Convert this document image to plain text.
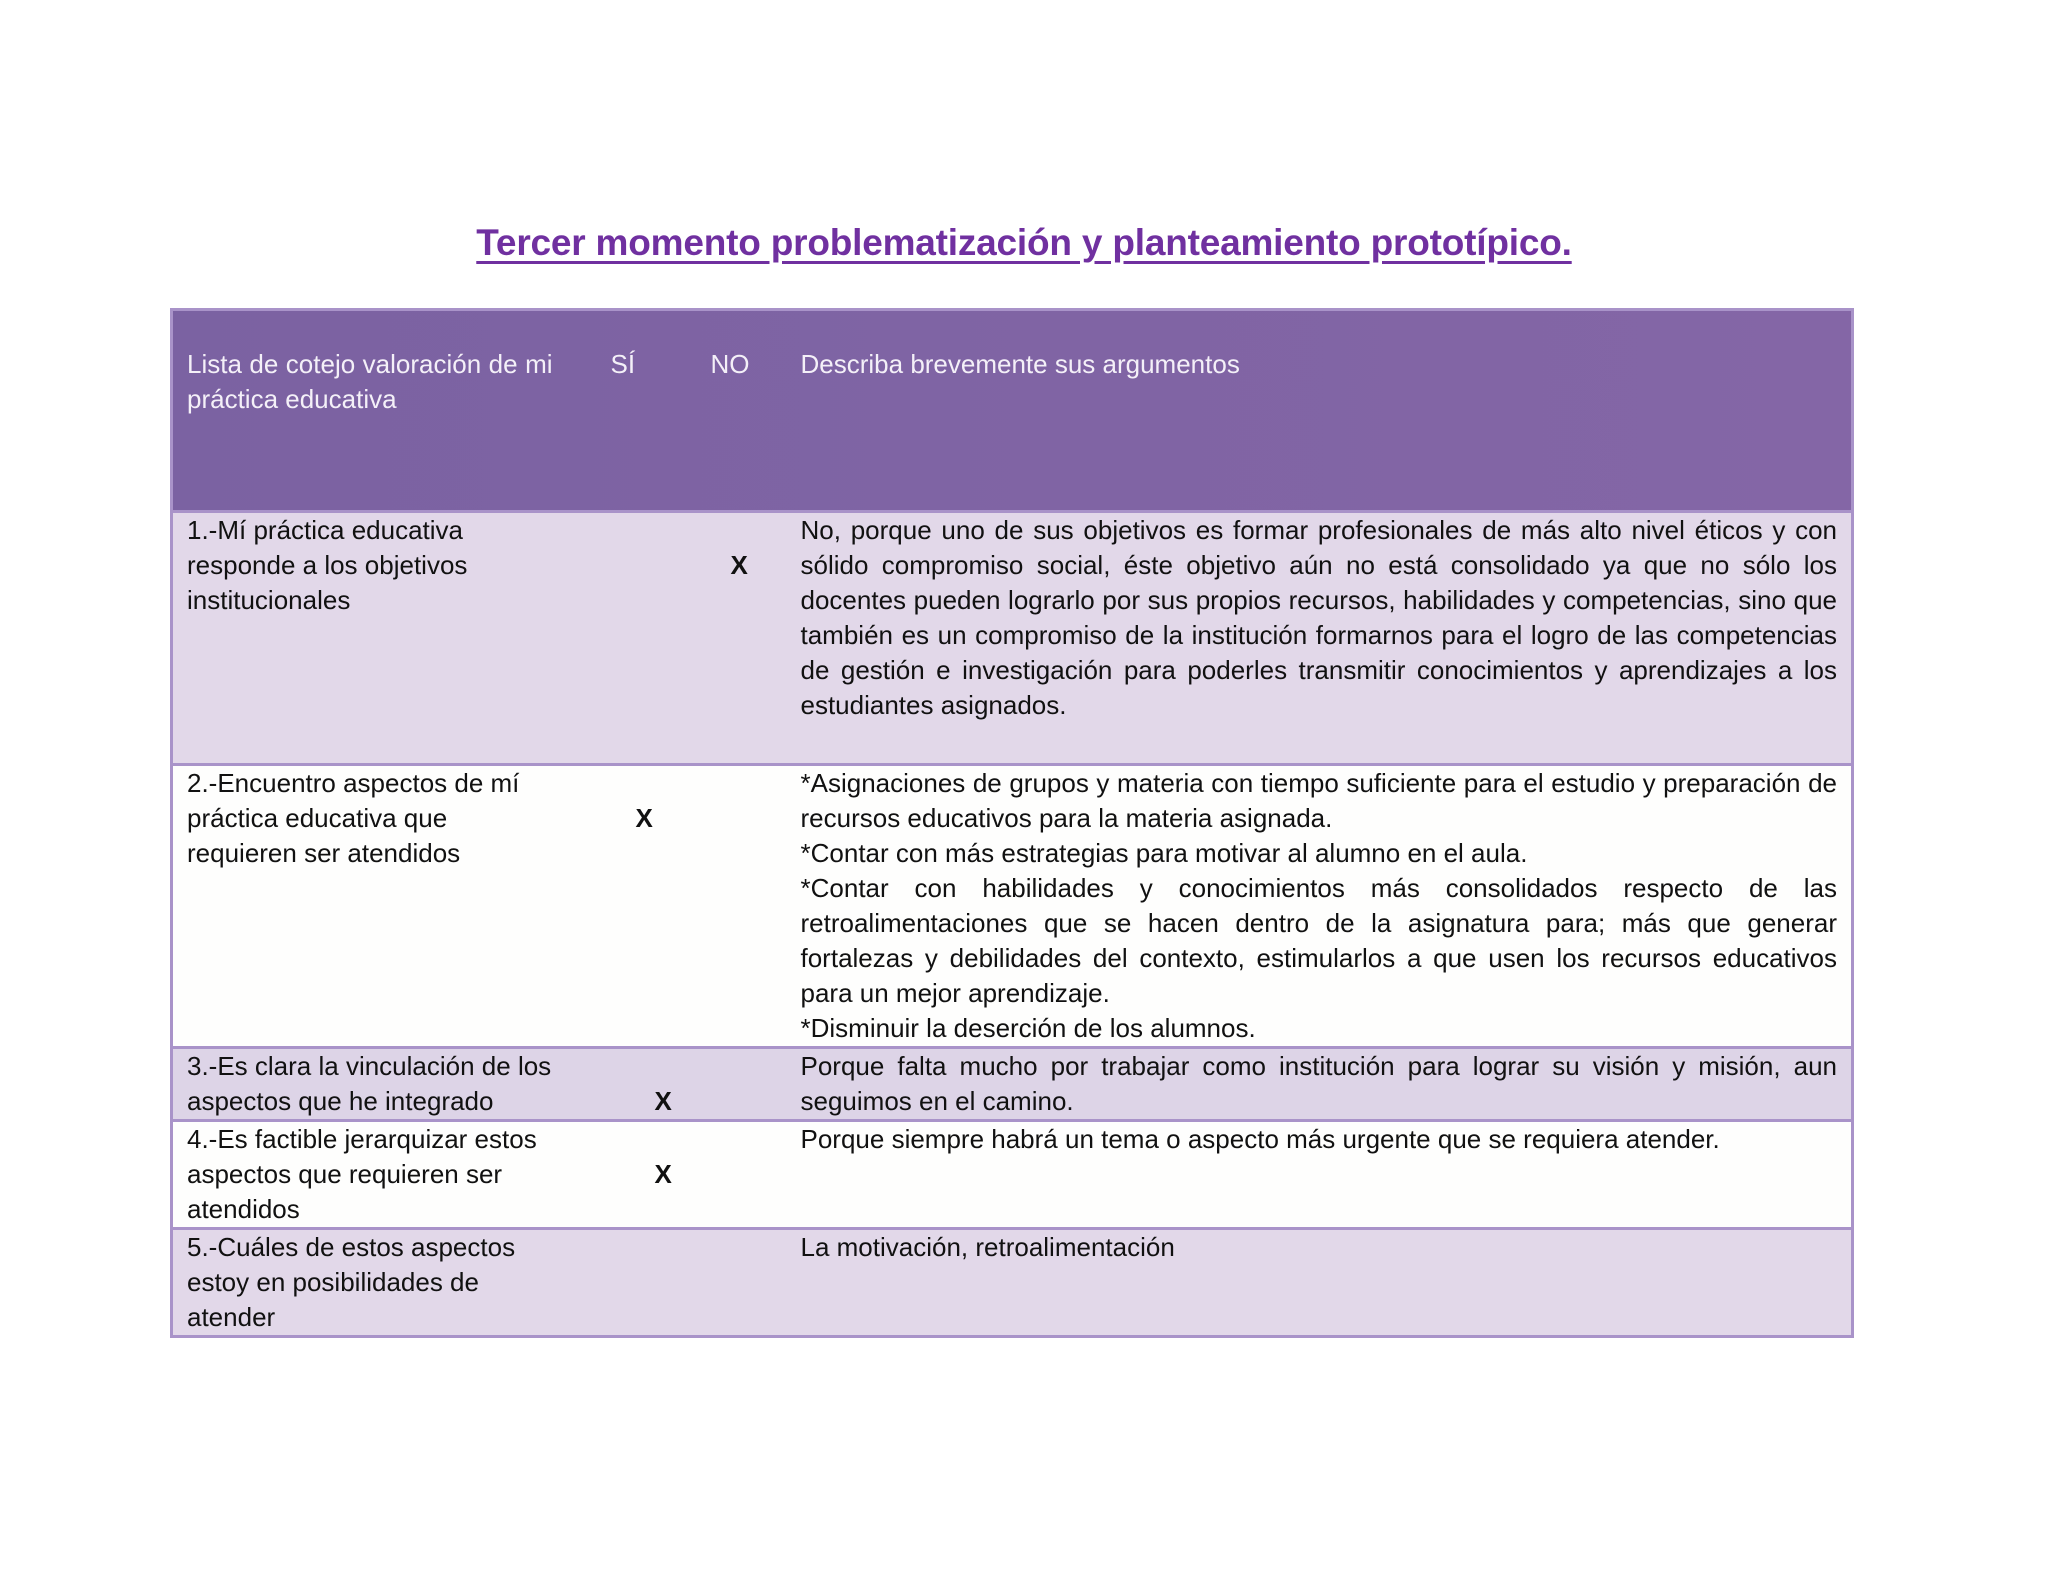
Tercer momento problematización y planteamiento prototípico.
Lista de cotejo valoración de mi práctica educativa	SÍ	NO	Describa brevemente sus argumentos
1.-Mí práctica educativa responde a los objetivos institucionales		X	No, porque uno de sus objetivos es formar profesionales de más alto nivel éticos y con sólido compromiso social, éste objetivo aún no está consolidado ya que no sólo los docentes pueden lograrlo por sus propios recursos, habilidades y competencias, sino que también es un compromiso de la institución formarnos para el logro de las competencias de gestión e investigación para poderles transmitir conocimientos y aprendizajes a los estudiantes asignados.

2.-Encuentro aspectos de mí práctica educativa que requieren ser atendidos	X		*Asignaciones de grupos y materia con tiempo suficiente para el estudio y preparación de recursos educativos para la materia asignada.

*Contar con más estrategias para motivar al alumno en el aula.

*Contar con habilidades y conocimientos más consolidados respecto de las retroalimentaciones que se hacen dentro de la asignatura para; más que generar fortalezas y debilidades del contexto, estimularlos a que usen los recursos educativos para un mejor aprendizaje.

*Disminuir la deserción de los alumnos.

3.-Es clara la vinculación de los aspectos que he integrado	X		Porque falta mucho por trabajar como institución para lograr su visión y misión, aun seguimos en el camino.

4.-Es factible jerarquizar estos aspectos que requieren ser atendidos	X		Porque siempre habrá un tema o aspecto más urgente que se requiera atender.

5.-Cuáles de estos aspectos estoy en posibilidades de atender			La motivación, retroalimentación
